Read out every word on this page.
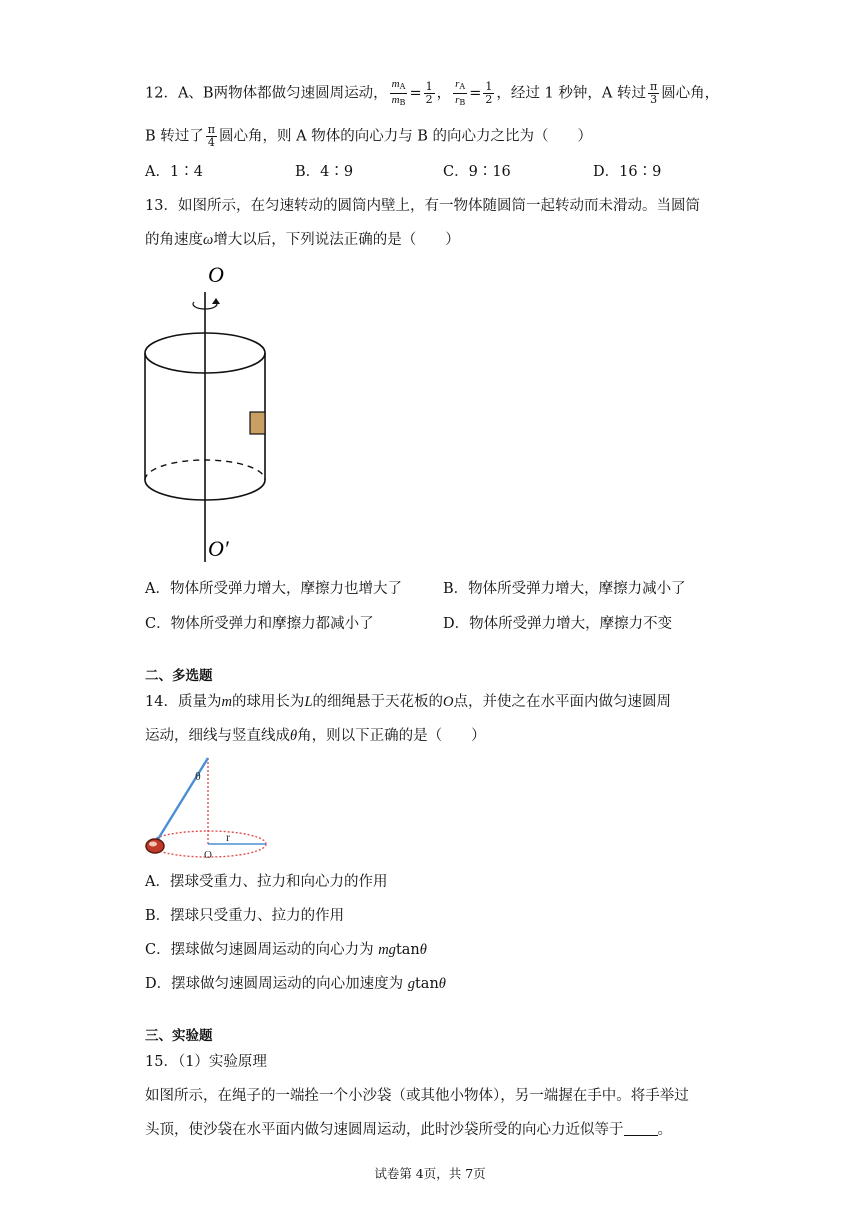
12．A、B两物体都做匀速圆周运动， $\frac{m_A}{m_B} = \frac{1}{2}$ ， $\frac{r_A}{r_B} = \frac{1}{2}$ ，经过 1 秒钟，A 转过 $\frac{\pi}{3}$ 圆心角，
B 转过了 $\frac{\pi}{4}$ 圆心角，则 A 物体的向心力与 B 的向心力之比为（　　）
A．1∶4	B．4∶9	C．9∶16	D．16∶9
13．如图所示，在匀速转动的圆筒内壁上，有一物体随圆筒一起转动而未滑动。当圆筒
的角速度ω增大以后，下列说法正确的是（　　）
O
O′
A．物体所受弹力增大，摩擦力也增大了	B．物体所受弹力增大，摩擦力减小了
C．物体所受弹力和摩擦力都减小了	D．物体所受弹力增大，摩擦力不变
二、多选题
14．质量为m的球用长为L的细绳悬于天花板的O点，并使之在水平面内做匀速圆周
运动，细线与竖直线成θ角，则以下正确的是（　　）
θ
r
O
A．摆球受重力、拉力和向心力的作用
B．摆球只受重力、拉力的作用
C．摆球做匀速圆周运动的向心力为 mgtanθ
D．摆球做匀速圆周运动的向心加速度为 gtanθ
三、实验题
15．（1）实验原理
如图所示，在绳子的一端拴一个小沙袋（或其他小物体），另一端握在手中。将手举过
头顶，使沙袋在水平面内做匀速圆周运动，此时沙袋所受的向心力近似等于 。
试卷第 4页，共 7页
